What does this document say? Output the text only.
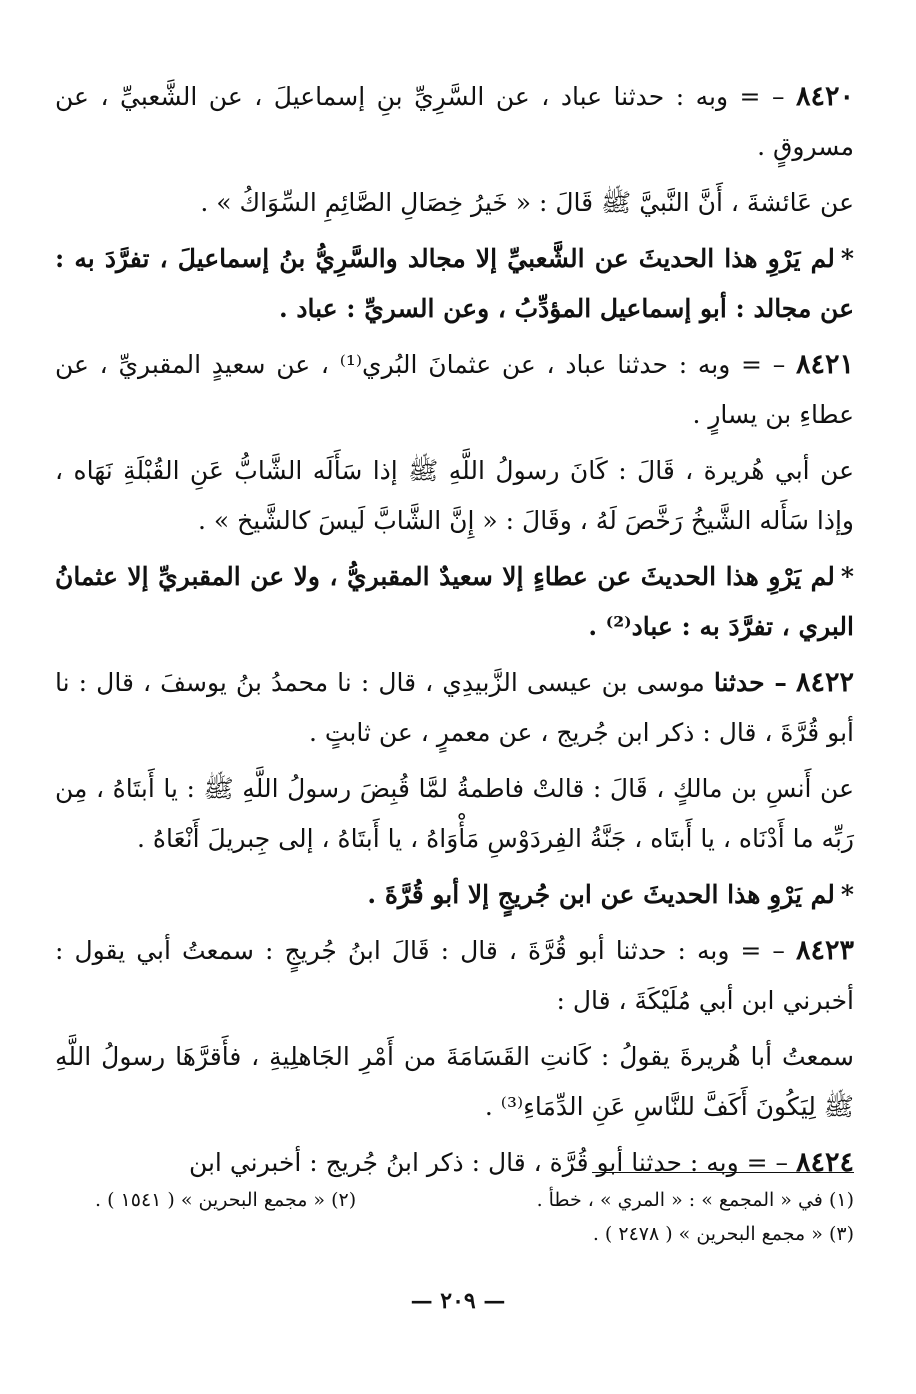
٨٤٢٠ – = وبه : حدثنا عباد ، عن السَّرِيِّ بنِ إسماعيلَ ، عن الشَّعبيِّ ، عن مسروقٍ .

عن عَائشةَ ، أَنَّ النَّبيَّ ﷺ قَالَ : « خَيرُ خِصَالِ الصَّائِمِ السِّوَاكُ » .

*لم يَرْوِ هذا الحديثَ عن الشَّعبيِّ إلا مجالد والسَّرِيُّ بنُ إسماعيلَ ، تفرَّدَ به : عن مجالد : أبو إسماعيل المؤدِّبُ ، وعن السريِّ : عباد .

٨٤٢١ – = وبه : حدثنا عباد ، عن عثمانَ البُري⁽¹⁾ ، عن سعيدٍ المقبريِّ ، عن عطاءِ بن يسارٍ .

عن أبي هُريرة ، قَالَ : كَانَ رسولُ اللَّهِ ﷺ إذا سَأَلَه الشَّابُّ عَنِ القُبْلَةِ نَهَاه ، وإذا سَأَله الشَّيخُ رَخَّصَ لَهُ ، وقَالَ : « إِنَّ الشَّابَّ لَيسَ كالشَّيخ » .

*لم يَرْوِ هذا الحديثَ عن عطاءٍ إلا سعيدٌ المقبريُّ ، ولا عن المقبريِّ إلا عثمانُ البري ، تفرَّدَ به : عباد⁽²⁾ .

٨٤٢٢ – حدثنا موسى بن عيسى الزَّبيدِي ، قال : نا محمدُ بنُ يوسفَ ، قال : نا أبو قُرَّةَ ، قال : ذكر ابن جُريج ، عن معمرٍ ، عن ثابتٍ .

عن أَنسِ بن مالكٍ ، قَالَ : قالتْ فاطمةُ لمَّا قُبِضَ رسولُ اللَّهِ ﷺ : يا أَبتَاهُ ، مِن رَبِّه ما أَدْنَاه ، يا أَبتَاه ، جَنَّةُ الفِردَوْسِ مَأْوَاهُ ، يا أَبتَاهُ ، إلى جِبريلَ أَنْعَاهُ .

*لم يَرْوِ هذا الحديثَ عن ابن جُريجٍ إلا أبو قُرَّةَ .

٨٤٢٣ – = وبه : حدثنا أبو قُرَّةَ ، قال : قَالَ ابنُ جُريجٍ : سمعتُ أبي يقول : أخبرني ابن أبي مُلَيْكَةَ ، قال :

سمعتُ أبا هُريرةَ يقولُ : كَانتِ القَسَامَةَ من أَمْرِ الجَاهلِيةِ ، فأَقرَّهَا رسولُ اللَّهِ ﷺ لِيَكُونَ أَكَفَّ للنَّاسِ عَنِ الدِّمَاءِ⁽³⁾ .

٨٤٢٤ – = وبه : حدثنا أبو قُرَّة ، قال : ذكر ابنُ جُريج : أخبرني ابن

(١) في « المجمع » : « المري » ، خطأ .
(٢) « مجمع البحرين » ( ١٥٤١ ) .
(٣) « مجمع البحرين » ( ٢٤٧٨ ) .
— ٢٠٩ —
